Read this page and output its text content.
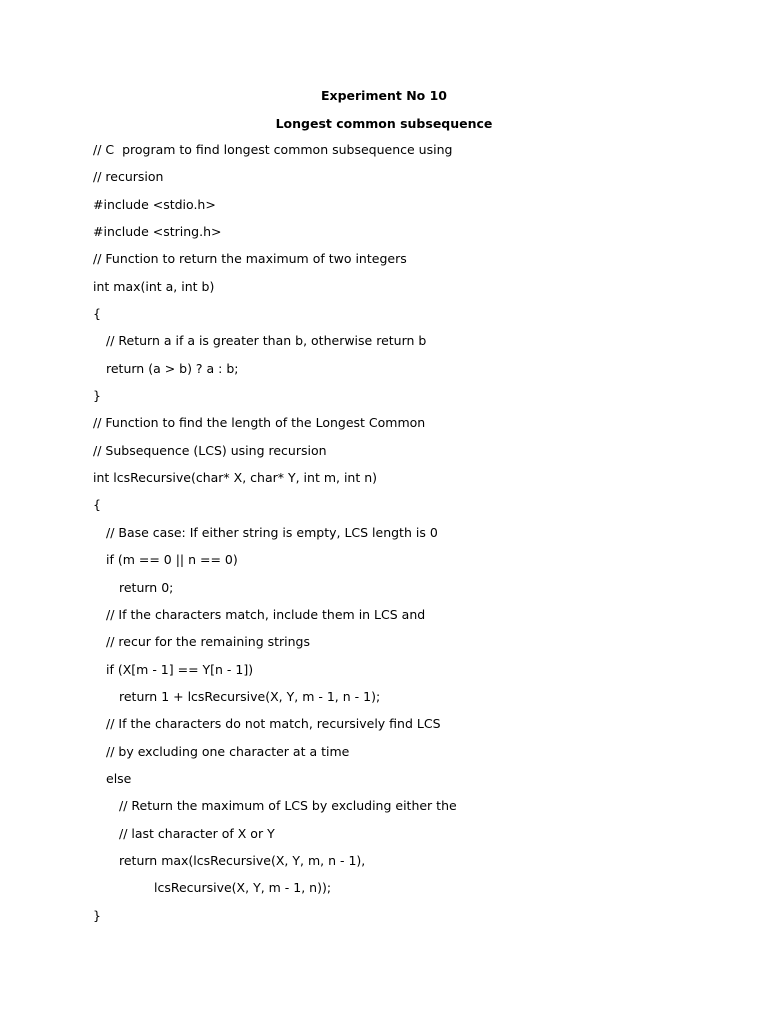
Experiment No 10
Longest common subsequence
// C  program to find longest common subsequence using
// recursion
#include <stdio.h>
#include <string.h>
// Function to return the maximum of two integers
int max(int a, int b)
{
// Return a if a is greater than b, otherwise return b
return (a > b) ? a : b;
}
// Function to find the length of the Longest Common
// Subsequence (LCS) using recursion
int lcsRecursive(char* X, char* Y, int m, int n)
{
// Base case: If either string is empty, LCS length is 0
if (m == 0 || n == 0)
return 0;
// If the characters match, include them in LCS and
// recur for the remaining strings
if (X[m - 1] == Y[n - 1])
return 1 + lcsRecursive(X, Y, m - 1, n - 1);
// If the characters do not match, recursively find LCS
// by excluding one character at a time
else
// Return the maximum of LCS by excluding either the
// last character of X or Y
return max(lcsRecursive(X, Y, m, n - 1),
lcsRecursive(X, Y, m - 1, n));
}
